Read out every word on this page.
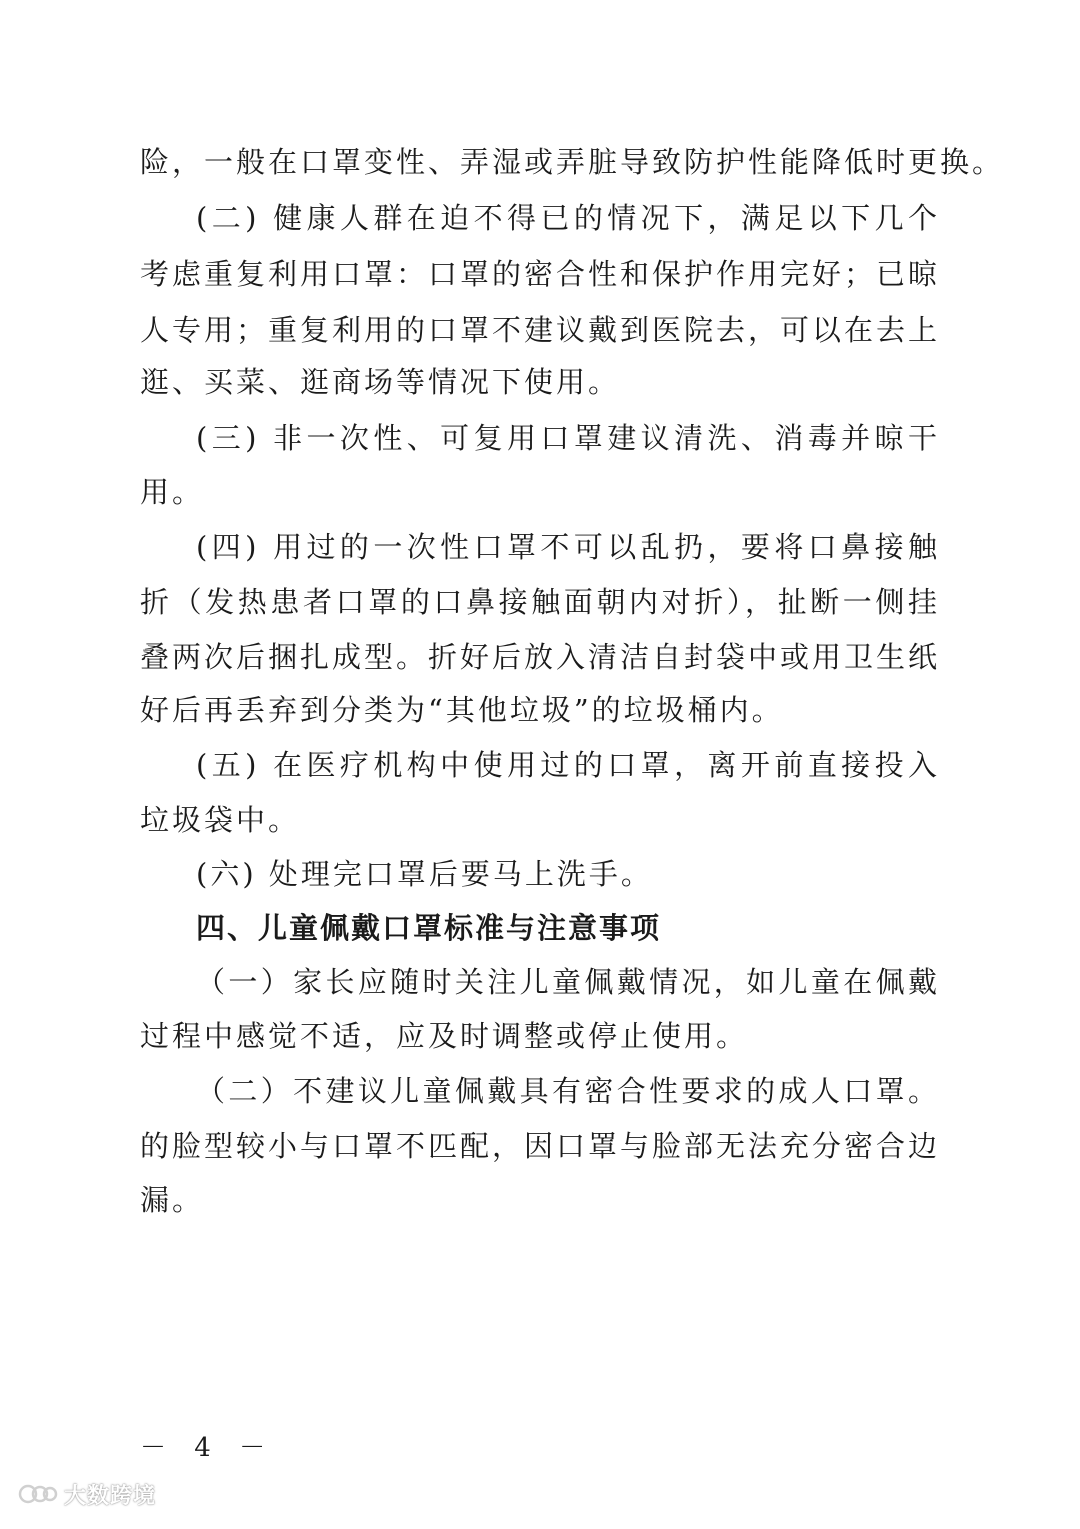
险，一般在口罩变性、弄湿或弄脏导致防护性能降低时更换。
(二) 健康人群在迫不得已的情况下，满足以下几个
考虑重复利用口罩：口罩的密合性和保护作用完好；已晾
人专用；重复利用的口罩不建议戴到医院去，可以在去上
逛、买菜、逛商场等情况下使用。
(三) 非一次性、可复用口罩建议清洗、消毒并晾干
用。
(四) 用过的一次性口罩不可以乱扔，要将口鼻接触
折（发热患者口罩的口鼻接触面朝内对折），扯断一侧挂
叠两次后捆扎成型。折好后放入清洁自封袋中或用卫生纸
好后再丢弃到分类为“其他垃圾”的垃圾桶内。
(五) 在医疗机构中使用过的口罩，离开前直接投入
垃圾袋中。
(六) 处理完口罩后要马上洗手。
四、儿童佩戴口罩标准与注意事项
（一）家长应随时关注儿童佩戴情况，如儿童在佩戴
过程中感觉不适，应及时调整或停止使用。
（二）不建议儿童佩戴具有密合性要求的成人口罩。
的脸型较小与口罩不匹配，因口罩与脸部无法充分密合边
漏。
－ 4 －
大数跨境
